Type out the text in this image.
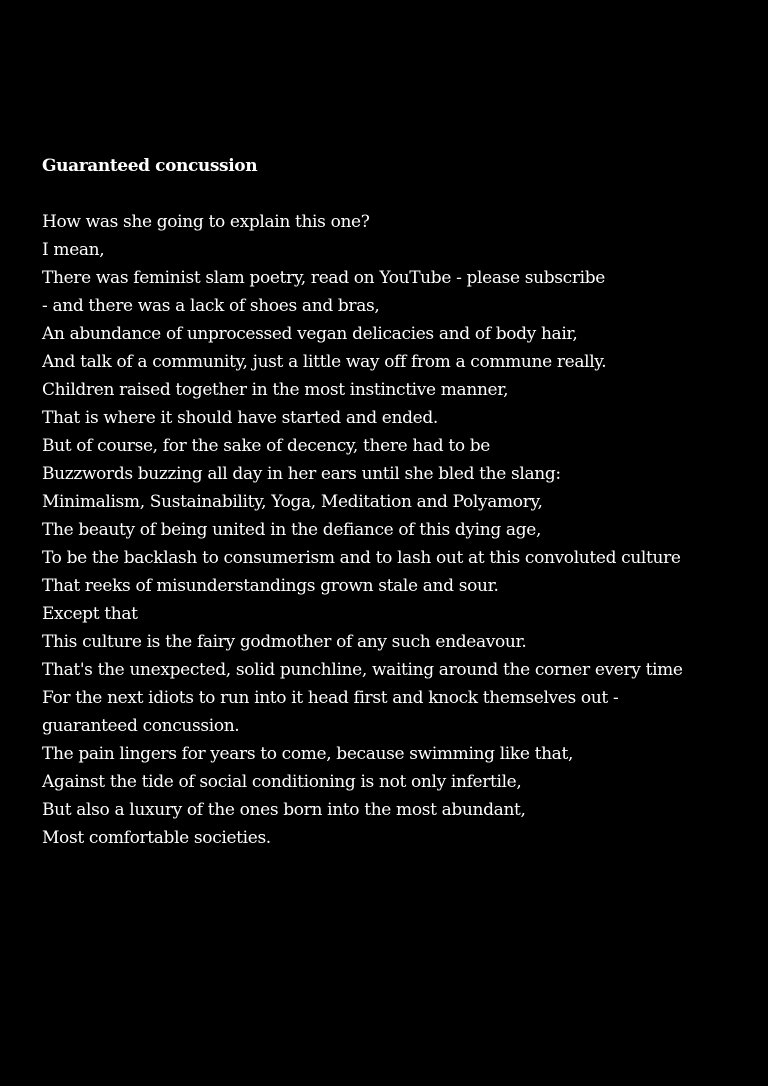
Guaranteed concussion
How was she going to explain this one?
I mean,
There was feminist slam poetry, read on YouTube - please subscribe
- and there was a lack of shoes and bras,
An abundance of unprocessed vegan delicacies and of body hair,
And talk of a community, just a little way off from a commune really.
Children raised together in the most instinctive manner,
That is where it should have started and ended.
But of course, for the sake of decency, there had to be
Buzzwords buzzing all day in her ears until she bled the slang:
Minimalism, Sustainability, Yoga, Meditation and Polyamory,
The beauty of being united in the defiance of this dying age,
To be the backlash to consumerism and to lash out at this convoluted culture
That reeks of misunderstandings grown stale and sour.
Except that
This culture is the fairy godmother of any such endeavour.
That's the unexpected, solid punchline, waiting around the corner every time
For the next idiots to run into it head first and knock themselves out -
guaranteed concussion.
The pain lingers for years to come, because swimming like that,
Against the tide of social conditioning is not only infertile,
But also a luxury of the ones born into the most abundant,
Most comfortable societies.
